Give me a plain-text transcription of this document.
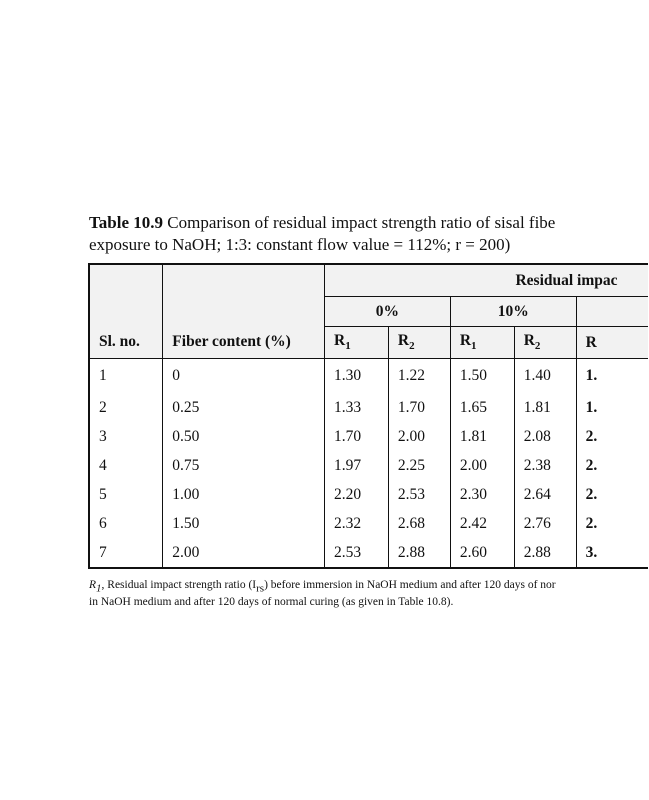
Table 10.9 Comparison of residual impact strength ratio of sisal fibe
exposure to NaOH; 1:3: constant flow value = 112%; r = 200)
		Residual impac				
		0%		10%		
Sl. no.	Fiber content (%)	$R_1$	$R_2$	$R_1$	$R_2$	R
1	0	1.30	1.22	1.50	1.40	1.
2	0.25	1.33	1.70	1.65	1.81	1.
3	0.50	1.70	2.00	1.81	2.08	2.
4	0.75	1.97	2.25	2.00	2.38	2.
5	1.00	2.20	2.53	2.30	2.64	2.
6	1.50	2.32	2.68	2.42	2.76	2.
7	2.00	2.53	2.88	2.60	2.88	3.
$R_1$, Residual impact strength ratio $(I_{rs})$ before immersion in NaOH medium and after 120 days of nor
in NaOH medium and after 120 days of normal curing (as given in Table 10.8).
